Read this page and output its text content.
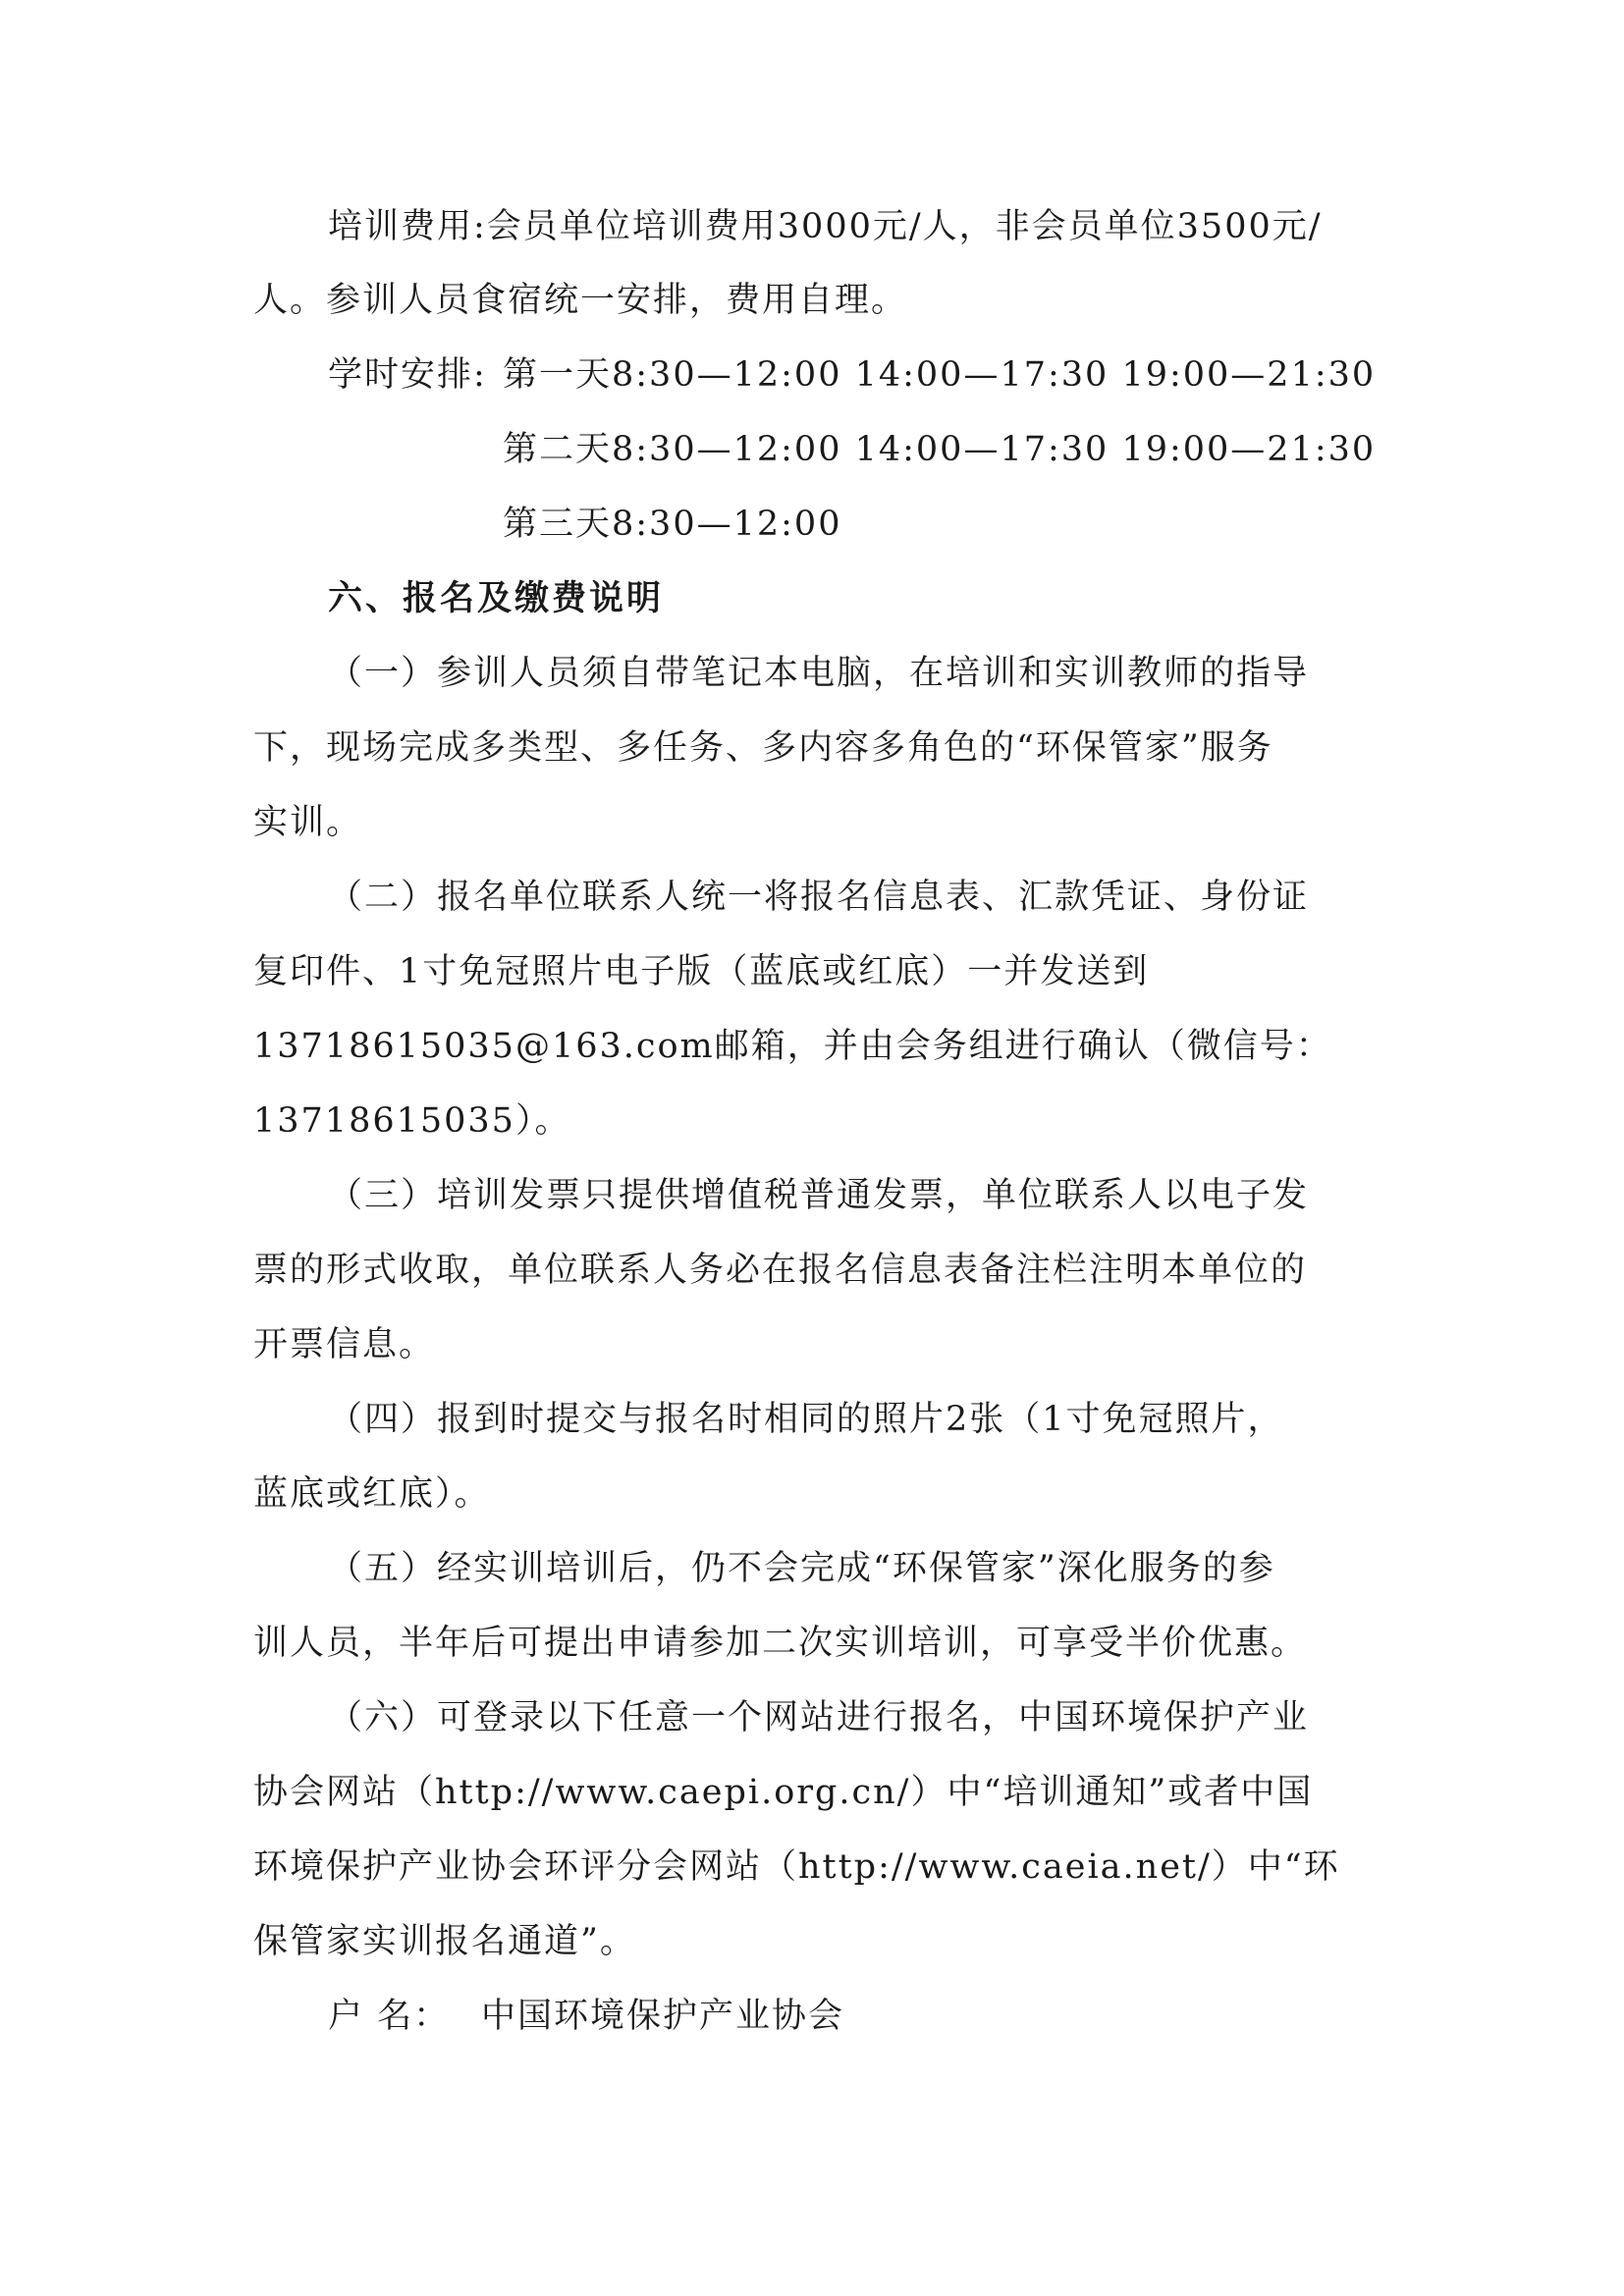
培训费用:会员单位培训费用3000元/人，非会员单位3500元/
人。参训人员食宿统一安排，费用自理。
学时安排: 第一天8:30—12:00 14:00—17:30 19:00—21:30
第二天8:30—12:00 14:00—17:30 19:00—21:30
第三天8:30—12:00
六、报名及缴费说明
（一）参训人员须自带笔记本电脑，在培训和实训教师的指导
下，现场完成多类型、多任务、多内容多角色的“环保管家”服务
实训。
（二）报名单位联系人统一将报名信息表、汇款凭证、身份证
复印件、1寸免冠照片电子版（蓝底或红底）一并发送到
13718615035@163.com邮箱，并由会务组进行确认（微信号：
13718615035）。
（三）培训发票只提供增值税普通发票，单位联系人以电子发
票的形式收取，单位联系人务必在报名信息表备注栏注明本单位的
开票信息。
（四）报到时提交与报名时相同的照片2张（1寸免冠照片，
蓝底或红底）。
（五）经实训培训后，仍不会完成“环保管家”深化服务的参
训人员，半年后可提出申请参加二次实训培训，可享受半价优惠。
（六）可登录以下任意一个网站进行报名，中国环境保护产业
协会网站（http://www.caepi.org.cn/）中“培训通知”或者中国
环境保护产业协会环评分会网站（http://www.caeia.net/）中“环
保管家实训报名通道”。
户 名： 中国环境保护产业协会
